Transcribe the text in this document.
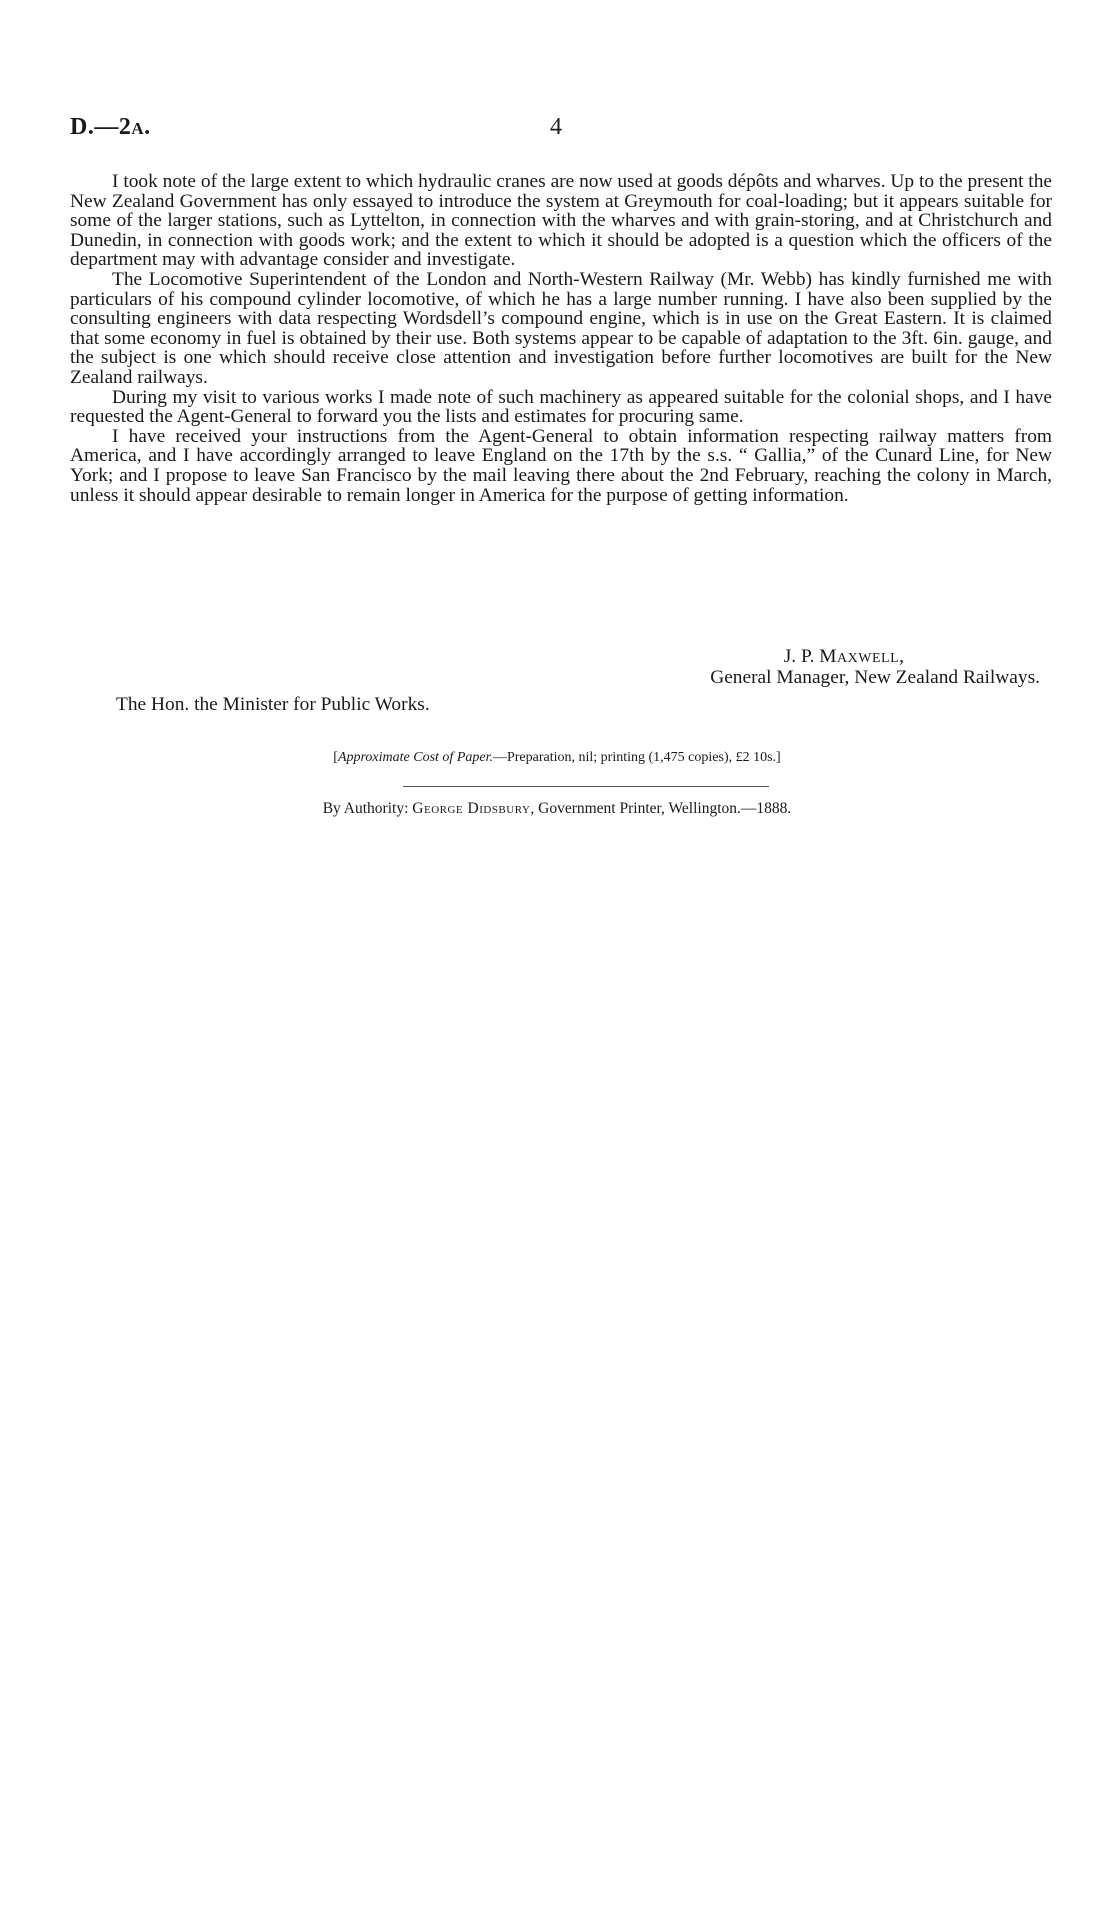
D.—2A.	4

I took note of the large extent to which hydraulic cranes are now used at goods dépôts and wharves. Up to the present the New Zealand Government has only essayed to introduce the system at Greymouth for coal-loading; but it appears suitable for some of the larger stations, such as Lyttelton, in connection with the wharves and with grain-storing, and at Christchurch and Dunedin, in connection with goods work; and the extent to which it should be adopted is a question which the officers of the department may with advantage consider and investigate.

The Locomotive Superintendent of the London and North-Western Railway (Mr. Webb) has kindly furnished me with particulars of his compound cylinder locomotive, of which he has a large number running. I have also been supplied by the consulting engineers with data respecting Wordsdell’s compound engine, which is in use on the Great Eastern. It is claimed that some economy in fuel is obtained by their use. Both systems appear to be capable of adaptation to the 3ft. 6in. gauge, and the subject is one which should receive close attention and investigation before further locomotives are built for the New Zealand railways.

During my visit to various works I made note of such machinery as appeared suitable for the colonial shops, and I have requested the Agent-General to forward you the lists and estimates for procuring same.

I have received your instructions from the Agent-General to obtain information respecting railway matters from America, and I have accordingly arranged to leave England on the 17th by the s.s. “ Gallia,” of the Cunard Line, for New York; and I propose to leave San Francisco by the mail leaving there about the 2nd February, reaching the colony in March, unless it should appear desirable to remain longer in America for the purpose of getting information.

J. P. Maxwell,
General Manager, New Zealand Railways.
The Hon. the Minister for Public Works.
[Approximate Cost of Paper.—Preparation, nil; printing (1,475 copies), £2 10s.]
By Authority: George Didsbury, Government Printer, Wellington.—1888.
